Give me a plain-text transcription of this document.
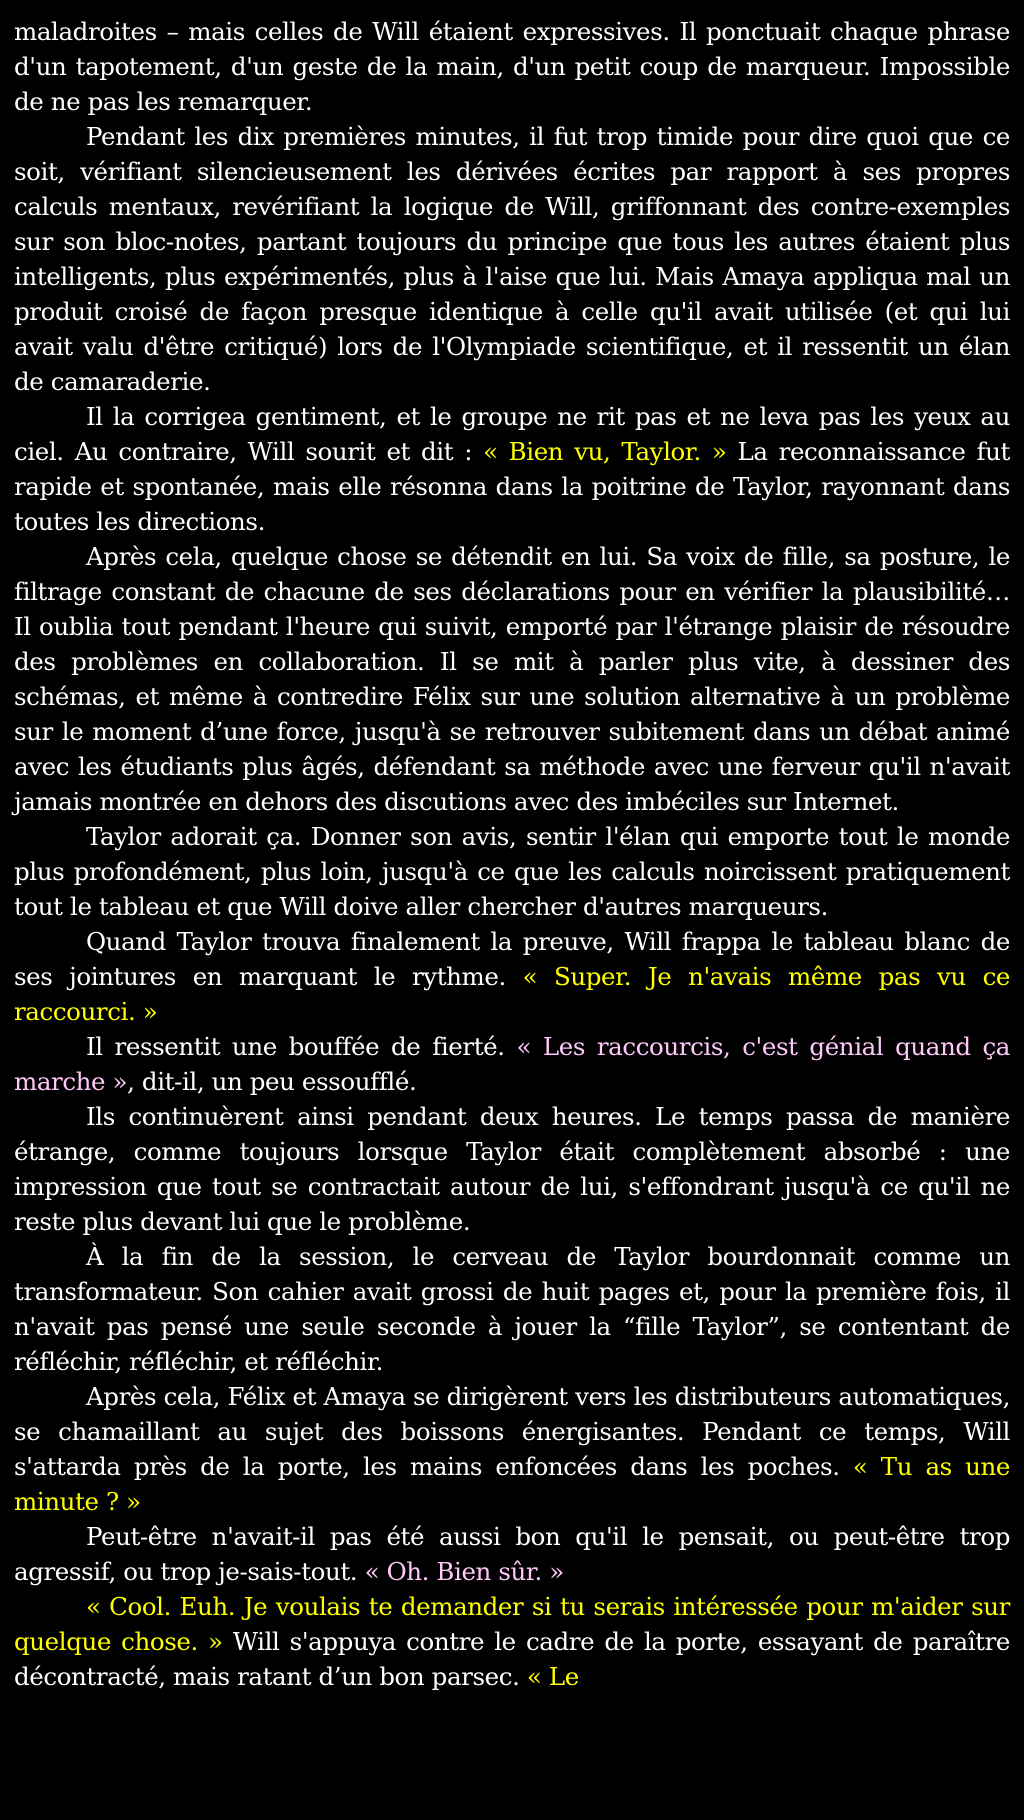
maladroites – mais celles de Will étaient expressives. Il ponctuait chaque phrase d'un tapotement, d'un geste de la main, d'un petit coup de marqueur. Impossible de ne pas les remarquer.

Pendant les dix premières minutes, il fut trop timide pour dire quoi que ce soit, vérifiant silencieusement les dérivées écrites par rapport à ses propres calculs mentaux, revérifiant la logique de Will, griffonnant des contre-exemples sur son bloc-notes, partant toujours du principe que tous les autres étaient plus intelligents, plus expérimentés, plus à l'aise que lui. Mais Amaya appliqua mal un produit croisé de façon presque identique à celle qu'il avait utilisée (et qui lui avait valu d'être critiqué) lors de l'Olympiade scientifique, et il ressentit un élan de camaraderie.

Il la corrigea gentiment, et le groupe ne rit pas et ne leva pas les yeux au ciel. Au contraire, Will sourit et dit : « Bien vu, Taylor. » La reconnaissance fut rapide et spontanée, mais elle résonna dans la poitrine de Taylor, rayonnant dans toutes les directions.

Après cela, quelque chose se détendit en lui. Sa voix de fille, sa posture, le filtrage constant de chacune de ses déclarations pour en vérifier la plausibilité… Il oublia tout pendant l'heure qui suivit, emporté par l'étrange plaisir de résoudre des problèmes en collaboration. Il se mit à parler plus vite, à dessiner des schémas, et même à contredire Félix sur une solution alternative à un problème sur le moment d’une force, jusqu'à se retrouver subitement dans un débat animé avec les étudiants plus âgés, défendant sa méthode avec une ferveur qu'il n'avait jamais montrée en dehors des discutions avec des imbéciles sur Internet.

Taylor adorait ça. Donner son avis, sentir l'élan qui emporte tout le monde plus profondément, plus loin, jusqu'à ce que les calculs noircissent pratiquement tout le tableau et que Will doive aller chercher d'autres marqueurs.

Quand Taylor trouva finalement la preuve, Will frappa le tableau blanc de ses jointures en marquant le rythme. « Super. Je n'avais même pas vu ce raccourci. »

Il ressentit une bouffée de fierté. « Les raccourcis, c'est génial quand ça marche », dit-il, un peu essoufflé.

Ils continuèrent ainsi pendant deux heures. Le temps passa de manière étrange, comme toujours lorsque Taylor était complètement absorbé : une impression que tout se contractait autour de lui, s'effondrant jusqu'à ce qu'il ne reste plus devant lui que le problème.

À la fin de la session, le cerveau de Taylor bourdonnait comme un transformateur. Son cahier avait grossi de huit pages et, pour la première fois, il n'avait pas pensé une seule seconde à jouer la “fille Taylor”, se contentant de réfléchir, réfléchir, et réfléchir.

Après cela, Félix et Amaya se dirigèrent vers les distributeurs automatiques, se chamaillant au sujet des boissons énergisantes. Pendant ce temps, Will s'attarda près de la porte, les mains enfoncées dans les poches. « Tu as une minute ? »

Peut-être n'avait-il pas été aussi bon qu'il le pensait, ou peut-être trop agressif, ou trop je-sais-tout. « Oh. Bien sûr. »

« Cool. Euh. Je voulais te demander si tu serais intéressée pour m'aider sur quelque chose. » Will s'appuya contre le cadre de la porte, essayant de paraître décontracté, mais ratant d’un bon parsec. « Le
